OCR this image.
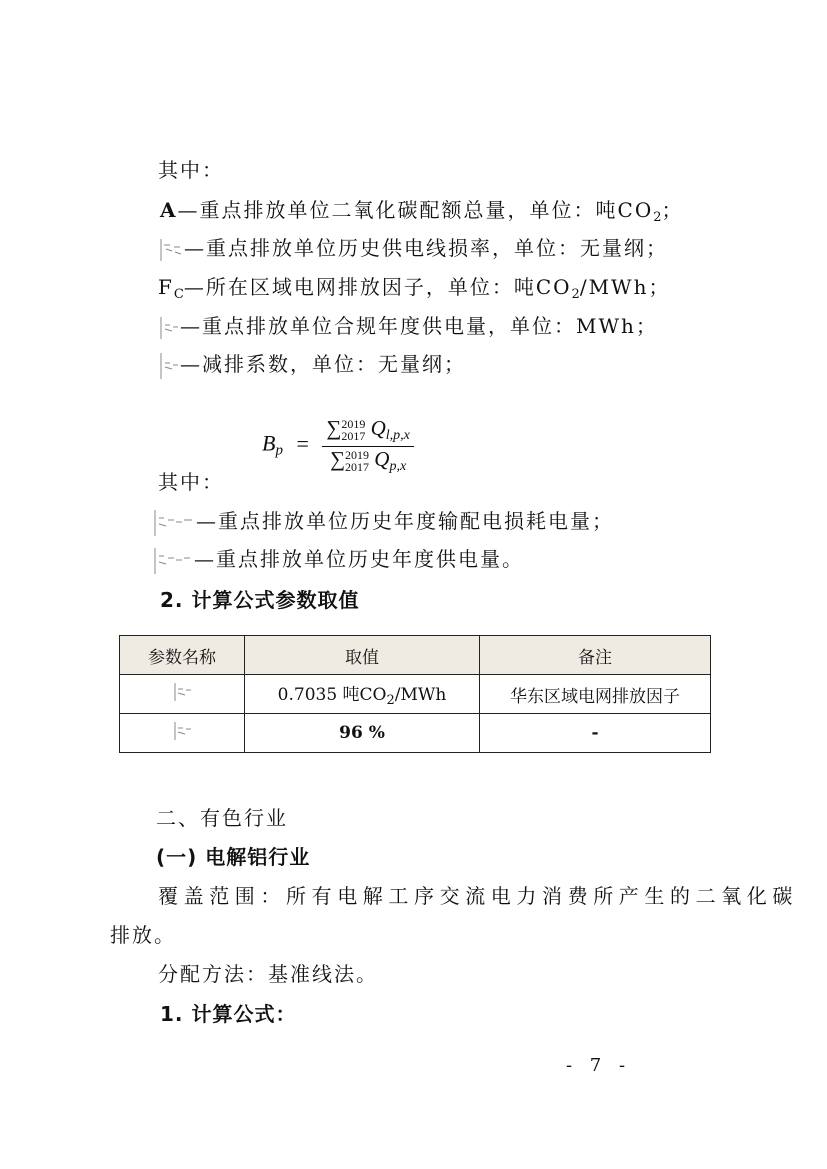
其中：
A—重点排放单位二氧化碳配额总量，单位：吨$CO_2$；
—重点排放单位历史供电线损率，单位：无量纲；
$F_C—$所在区域电网排放因子，单位：吨$CO_2$/MWh；
—重点排放单位合规年度供电量，单位：MWh；
—减排系数，单位：无量纲；
$B_p$ =
∑2019
2017 $Q_{l,p,x}$
∑2019
2017 $Q_{p,x}$
其中：
—重点排放单位历史年度输配电损耗电量；
—重点排放单位历史年度供电量。
2. 计算公式参数取值
参数名称	取值	备注
	0.7035 吨$CO_2$/MWh	华东区域电网排放因子
	96 %	-
二、有色行业
(一) 电解铝行业
覆盖范围：所有电解工序交流电力消费所产生的二氧化碳
排放。
分配方法：基准线法。
1. 计算公式：
- 7 -
